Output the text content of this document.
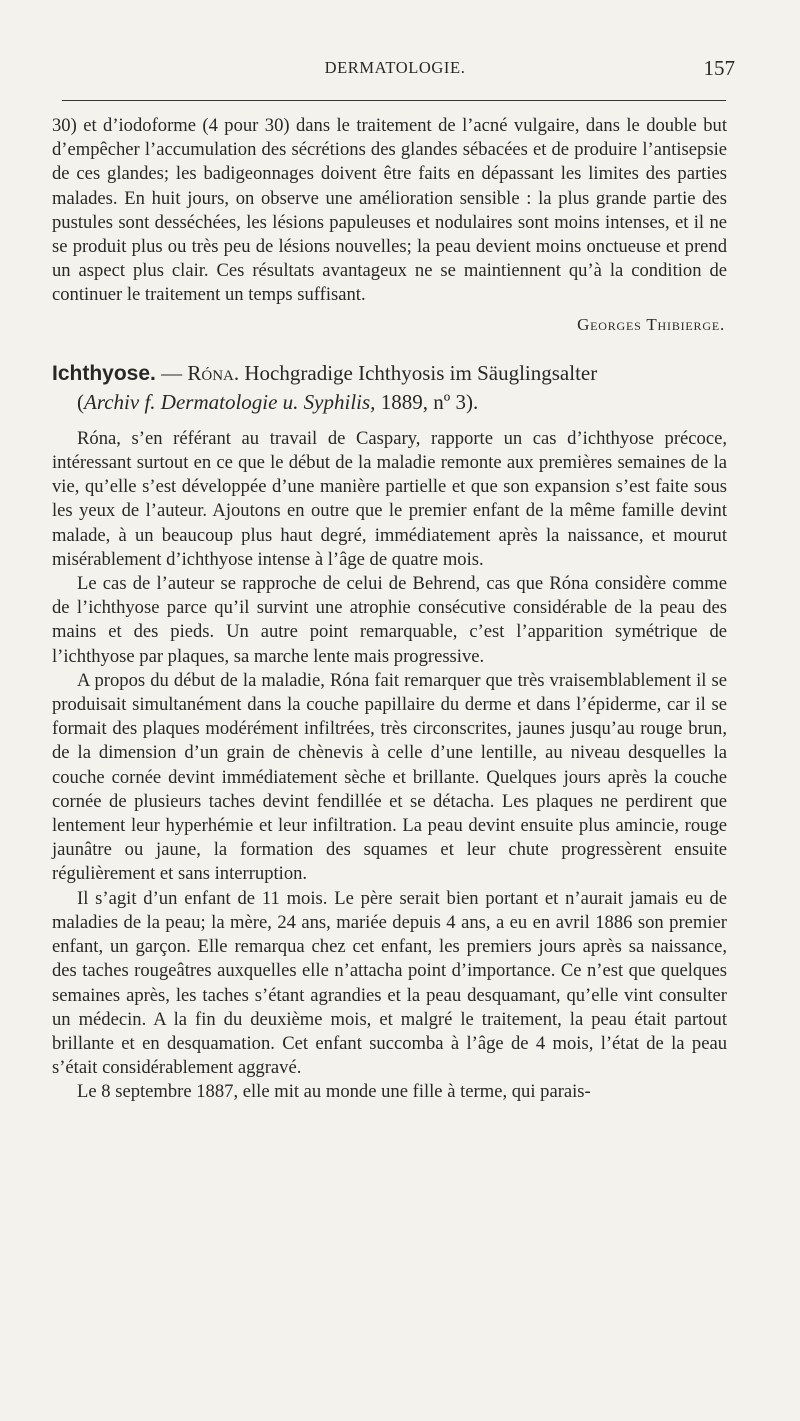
DERMATOLOGIE.	157

30) et d’iodoforme (4 pour 30) dans le traitement de l’acné vulgaire, dans le double but d’empêcher l’accumulation des sécrétions des glandes sébacées et de produire l’antisepsie de ces glandes; les badigeonnages doivent être faits en dépassant les limites des parties malades. En huit jours, on observe une amélioration sensible : la plus grande partie des pustules sont desséchées, les lésions papuleuses et nodulaires sont moins intenses, et il ne se produit plus ou très peu de lésions nouvelles; la peau devient moins onctueuse et prend un aspect plus clair. Ces résultats avantageux ne se maintiennent qu’à la condition de continuer le traitement un temps suffisant.

Georges Thibierge.
Ichthyose. — Róna. Hochgradige Ichthyosis im Säuglingsalter
(Archiv f. Dermatologie u. Syphilis, 1889, nº 3).

Róna, s’en référant au travail de Caspary, rapporte un cas d’ichthyose précoce, intéressant surtout en ce que le début de la maladie remonte aux premières semaines de la vie, qu’elle s’est développée d’une manière partielle et que son expansion s’est faite sous les yeux de l’auteur. Ajoutons en outre que le premier enfant de la même famille devint malade, à un beaucoup plus haut degré, immédiatement après la naissance, et mourut misérablement d’ichthyose intense à l’âge de quatre mois.

Le cas de l’auteur se rapproche de celui de Behrend, cas que Róna considère comme de l’ichthyose parce qu’il survint une atrophie consécutive considérable de la peau des mains et des pieds. Un autre point remarquable, c’est l’apparition symétrique de l’ichthyose par plaques, sa marche lente mais progressive.

A propos du début de la maladie, Róna fait remarquer que très vraisemblablement il se produisait simultanément dans la couche papillaire du derme et dans l’épiderme, car il se formait des plaques modérément infiltrées, très circonscrites, jaunes jusqu’au rouge brun, de la dimension d’un grain de chènevis à celle d’une lentille, au niveau desquelles la couche cornée devint immédiatement sèche et brillante. Quelques jours après la couche cornée de plusieurs taches devint fendillée et se détacha. Les plaques ne perdirent que lentement leur hyperhémie et leur infiltration. La peau devint ensuite plus amincie, rouge jaunâtre ou jaune, la formation des squames et leur chute progressèrent ensuite régulièrement et sans interruption.

Il s’agit d’un enfant de 11 mois. Le père serait bien portant et n’aurait jamais eu de maladies de la peau; la mère, 24 ans, mariée depuis 4 ans, a eu en avril 1886 son premier enfant, un garçon. Elle remarqua chez cet enfant, les premiers jours après sa naissance, des taches rougeâtres auxquelles elle n’attacha point d’importance. Ce n’est que quelques semaines après, les taches s’étant agrandies et la peau desquamant, qu’elle vint consulter un médecin. A la fin du deuxième mois, et malgré le traitement, la peau était partout brillante et en desquamation. Cet enfant succomba à l’âge de 4 mois, l’état de la peau s’était considérablement aggravé.

Le 8 septembre 1887, elle mit au monde une fille à terme, qui parais-
